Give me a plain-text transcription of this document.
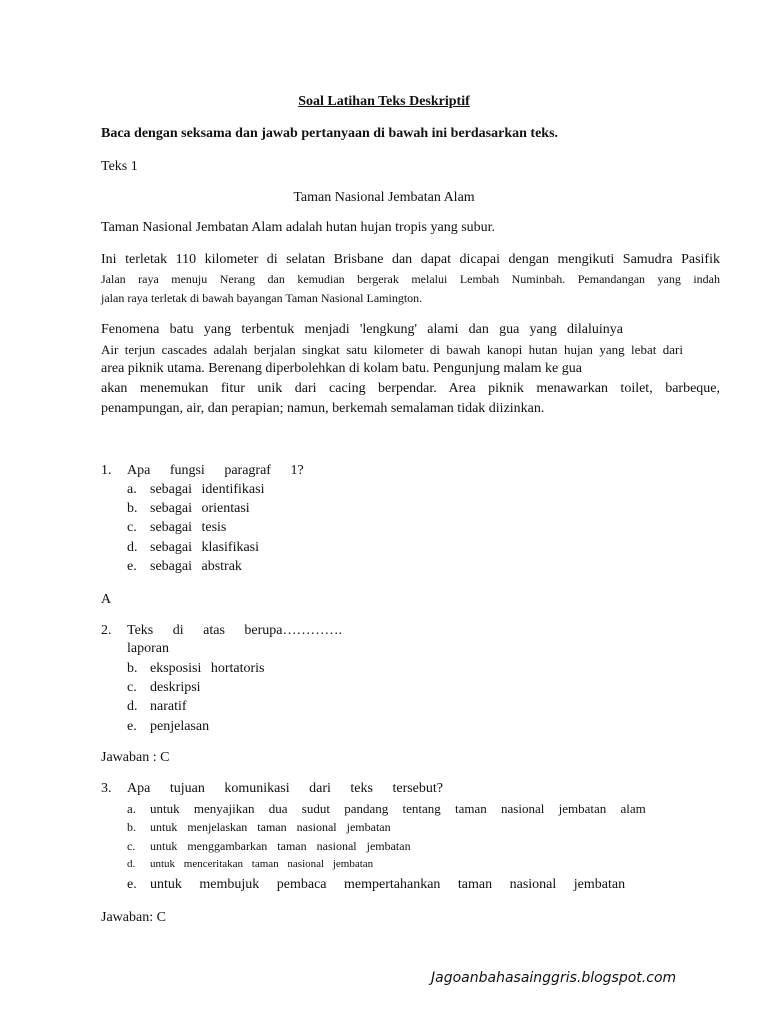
Soal Latihan Teks Deskriptif
Baca dengan seksama dan jawab pertanyaan di bawah ini berdasarkan teks.
Teks 1
Taman Nasional Jembatan Alam
Taman Nasional Jembatan Alam adalah hutan hujan tropis yang subur.
Ini terletak 110 kilometer di selatan Brisbane dan dapat dicapai dengan mengikuti Samudra Pasifik
Jalan raya menuju Nerang dan kemudian bergerak melalui Lembah Numinbah. Pemandangan yang indah
jalan raya terletak di bawah bayangan Taman Nasional Lamington.
Fenomena batu yang terbentuk menjadi 'lengkung' alami dan gua yang dilaluinya
Air terjun cascades adalah berjalan singkat satu kilometer di bawah kanopi hutan hujan yang lebat dari
area piknik utama. Berenang diperbolehkan di kolam batu. Pengunjung malam ke gua
akan menemukan fitur unik dari cacing berpendar. Area piknik menawarkan toilet, barbeque,
penampungan, air, dan perapian; namun, berkemah semalaman tidak diizinkan.
1. Apa fungsi paragraf 1?
a. sebagai identifikasi
b. sebagai orientasi
c. sebagai tesis
d. sebagai klasifikasi
e. sebagai abstrak
A
2. Teks di atas berupa………….
laporan
b. eksposisi hortatoris
c. deskripsi
d. naratif
e. penjelasan
Jawaban : C
3. Apa tujuan komunikasi dari teks tersebut?
a. untuk menyajikan dua sudut pandang tentang taman nasional jembatan alam
b. untuk menjelaskan taman nasional jembatan
c. untuk menggambarkan taman nasional jembatan
d. untuk menceritakan taman nasional jembatan
e. untuk membujuk pembaca mempertahankan taman nasional jembatan
Jawaban: C
Jagoanbahasainggris.blogspot.com
